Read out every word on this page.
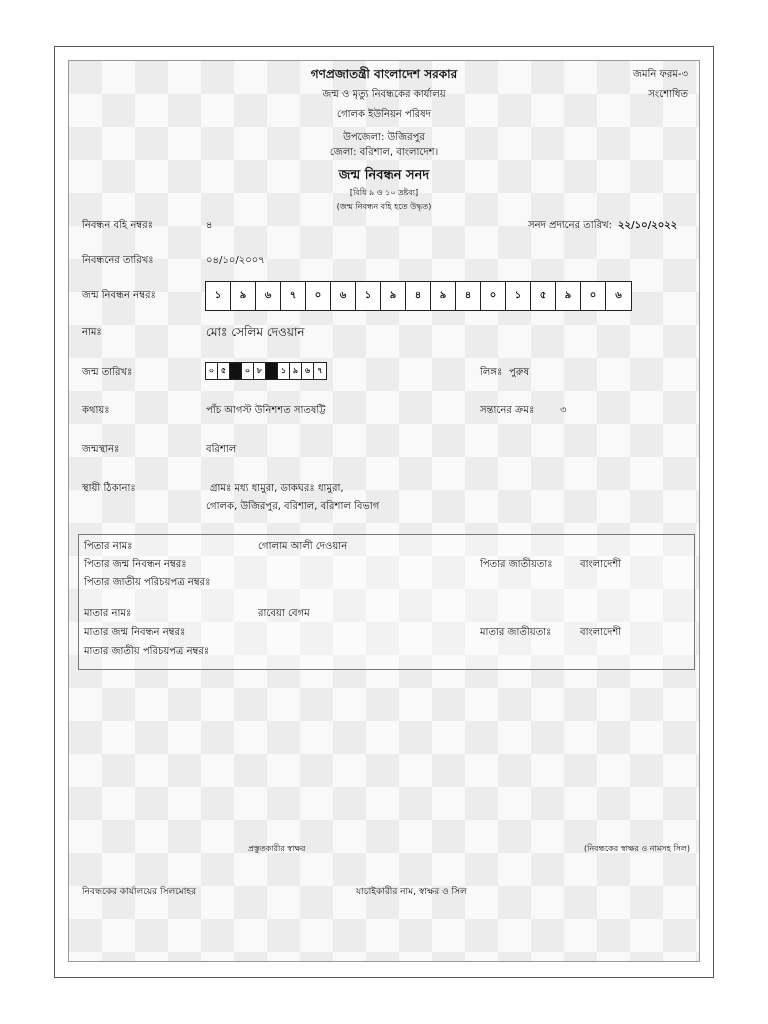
গণপ্রজাতন্ত্রী বাংলাদেশ সরকার
জন্ম ও মৃত্যু নিবন্ধকের কার্যালয়
গোলক ইউনিয়ন পরিষদ
উপজেলা: উজিরপুর
জেলা: বরিশাল, বাংলাদেশ।
জন্ম নিবন্ধন সনদ
[বিধি ৯ ও ১০ দ্রষ্টব্য]
(জন্ম নিবন্ধন বহি হতে উদ্ধৃত)
জমনি ফরম-৩
সংশোধিত
নিবন্ধন বহি নম্বরঃ	৪	সনদ প্রদানের তারিখ: ২২/১০/২০২২
নিবন্ধনের তারিখঃ	০৪/১০/২০০৭
জন্ম নিবন্ধন নম্বরঃ	১	৯	৬	৭	০	৬	১	৯	৪	৯	৪	০	১	৫	৯	০	৬
নামঃ	মোঃ সেলিম দেওয়ান
জন্ম তারিখঃ	০ ৫	০ ৮	১ ৯ ৬ ৭	লিঙ্গঃ পুরুষ
কথায়ঃ	পাঁচ আগস্ট উনিশশত সাতষট্টি	সন্তানের ক্রমঃ	৩
জন্মস্থানঃ	বরিশাল
স্থায়ী ঠিকানাঃ	গ্রামঃ মধ্য ধামুরা, ডাকঘরঃ ধামুরা,
গোলক, উজিরপুর, বরিশাল, বরিশাল বিভাগ
পিতার নামঃ	গোলাম আলী দেওয়ান
পিতার জন্ম নিবন্ধন নম্বরঃ	পিতার জাতীয়তাঃ	বাংলাদেশী
পিতার জাতীয় পরিচয়পত্র নম্বরঃ
মাতার নামঃ	রাবেয়া বেগম
মাতার জন্ম নিবন্ধন নম্বরঃ	মাতার জাতীয়তাঃ	বাংলাদেশী
মাতার জাতীয় পরিচয়পত্র নম্বরঃ
প্রস্তুতকারীর স্বাক্ষর	(নিবন্ধকের স্বাক্ষর ও নামসহ সিল)
নিবন্ধকের কার্যালয়ের সিলমোহর	যাচাইকারীর নাম, স্বাক্ষর ও সিল
